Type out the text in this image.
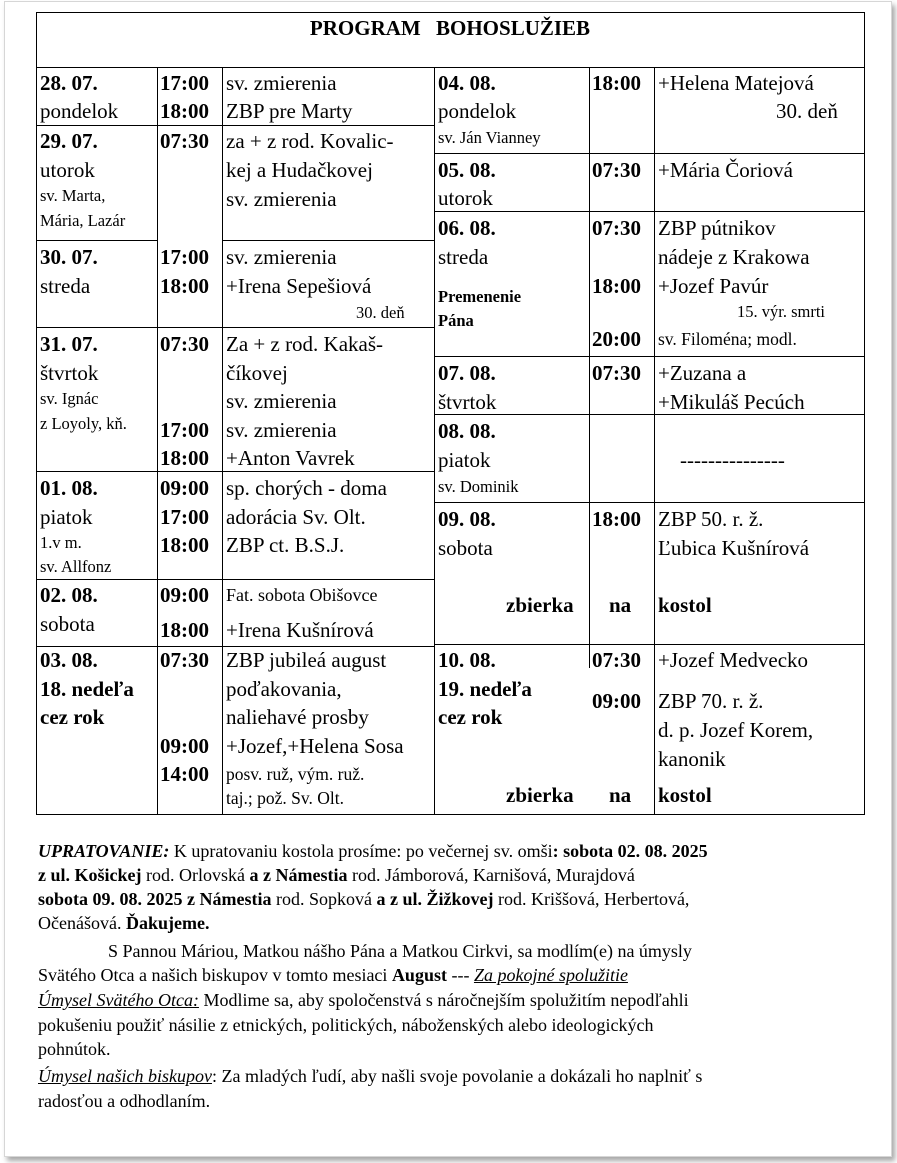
PROGRAM BOHOSLUŽIEB
28. 07.
pondelok
17:00
18:00
sv. zmierenia
ZBP pre Marty
29. 07.
utorok
sv. Marta,
Mária, Lazár
07:30 za + z rod. Kovalic-
kej a Hudačkovej
sv. zmierenia
30. 07.
streda
17:00
18:00
sv. zmierenia
+Irena Sepešiová
30. deň
31. 07.
štvrtok
sv. Ignác
z Loyoly, kň.
07:30
17:00
18:00
Za + z rod. Kakaš-
číkovej
sv. zmierenia
sv. zmierenia
+Anton Vavrek
01. 08.
piatok
1.v m.
sv. Allfonz
09:00
17:00
18:00
sp. chorých - doma
adorácia Sv. Olt.
ZBP ct. B.S.J.
02. 08.
sobota
09:00
18:00
Fat. sobota Obišovce
+Irena Kušnírová
03. 08.
18. nedeľa
cez rok
07:30
09:00
14:00
ZBP jubileá august
poďakovania,
naliehavé prosby
+Jozef,+Helena Sosa
posv. ruž, vým. ruž.
taj.; pož. Sv. Olt.
04. 08.
pondelok
sv. Ján Vianney
18:00 +Helena Matejová
30. deň
05. 08.
utorok
07:30 +Mária Čoriová
06. 08.
streda
Premenenie
Pána
07:30
18:00
20:00
ZBP pútnikov
nádeje z Krakowa
+Jozef Pavúr
15. výr. smrti
sv. Filoména; modl.
07. 08.
štvrtok
07:30 +Zuzana a
+Mikuláš Pecúch
08. 08.
piatok
sv. Dominik
---------------
09. 08.
sobota
18:00 ZBP 50. r. ž.
Ľubica Kušnírová
zbierka na kostol
10. 08.
19. nedeľa
cez rok
07:30
09:00
+Jozef Medvecko
ZBP 70. r. ž.
d. p. Jozef Korem,
kanonik
zbierka na kostol
UPRATOVANIE: K upratovaniu kostola prosíme: po večernej sv. omši: sobota 02. 08. 2025
z ul. Košickej rod. Orlovská a z Námestia rod. Jámborová, Karnišová, Murajdová
sobota 09. 08. 2025 z Námestia rod. Sopková a z ul. Žižkovej rod. Kriššová, Herbertová,
Očenášová. Ďakujeme.
S Pannou Máriou, Matkou nášho Pána a Matkou Cirkvi, sa modlím(e) na úmysly
Svätého Otca a našich biskupov v tomto mesiaci August --- Za pokojné spolužitie
Úmysel Svätého Otca: Modlime sa, aby spoločenstvá s náročnejším spolužitím nepodľahli
pokušeniu použiť násilie z etnických, politických, náboženských alebo ideologických
pohnútok.
Úmysel našich biskupov: Za mladých ľudí, aby našli svoje povolanie a dokázali ho naplniť s
radosťou a odhodlaním.
